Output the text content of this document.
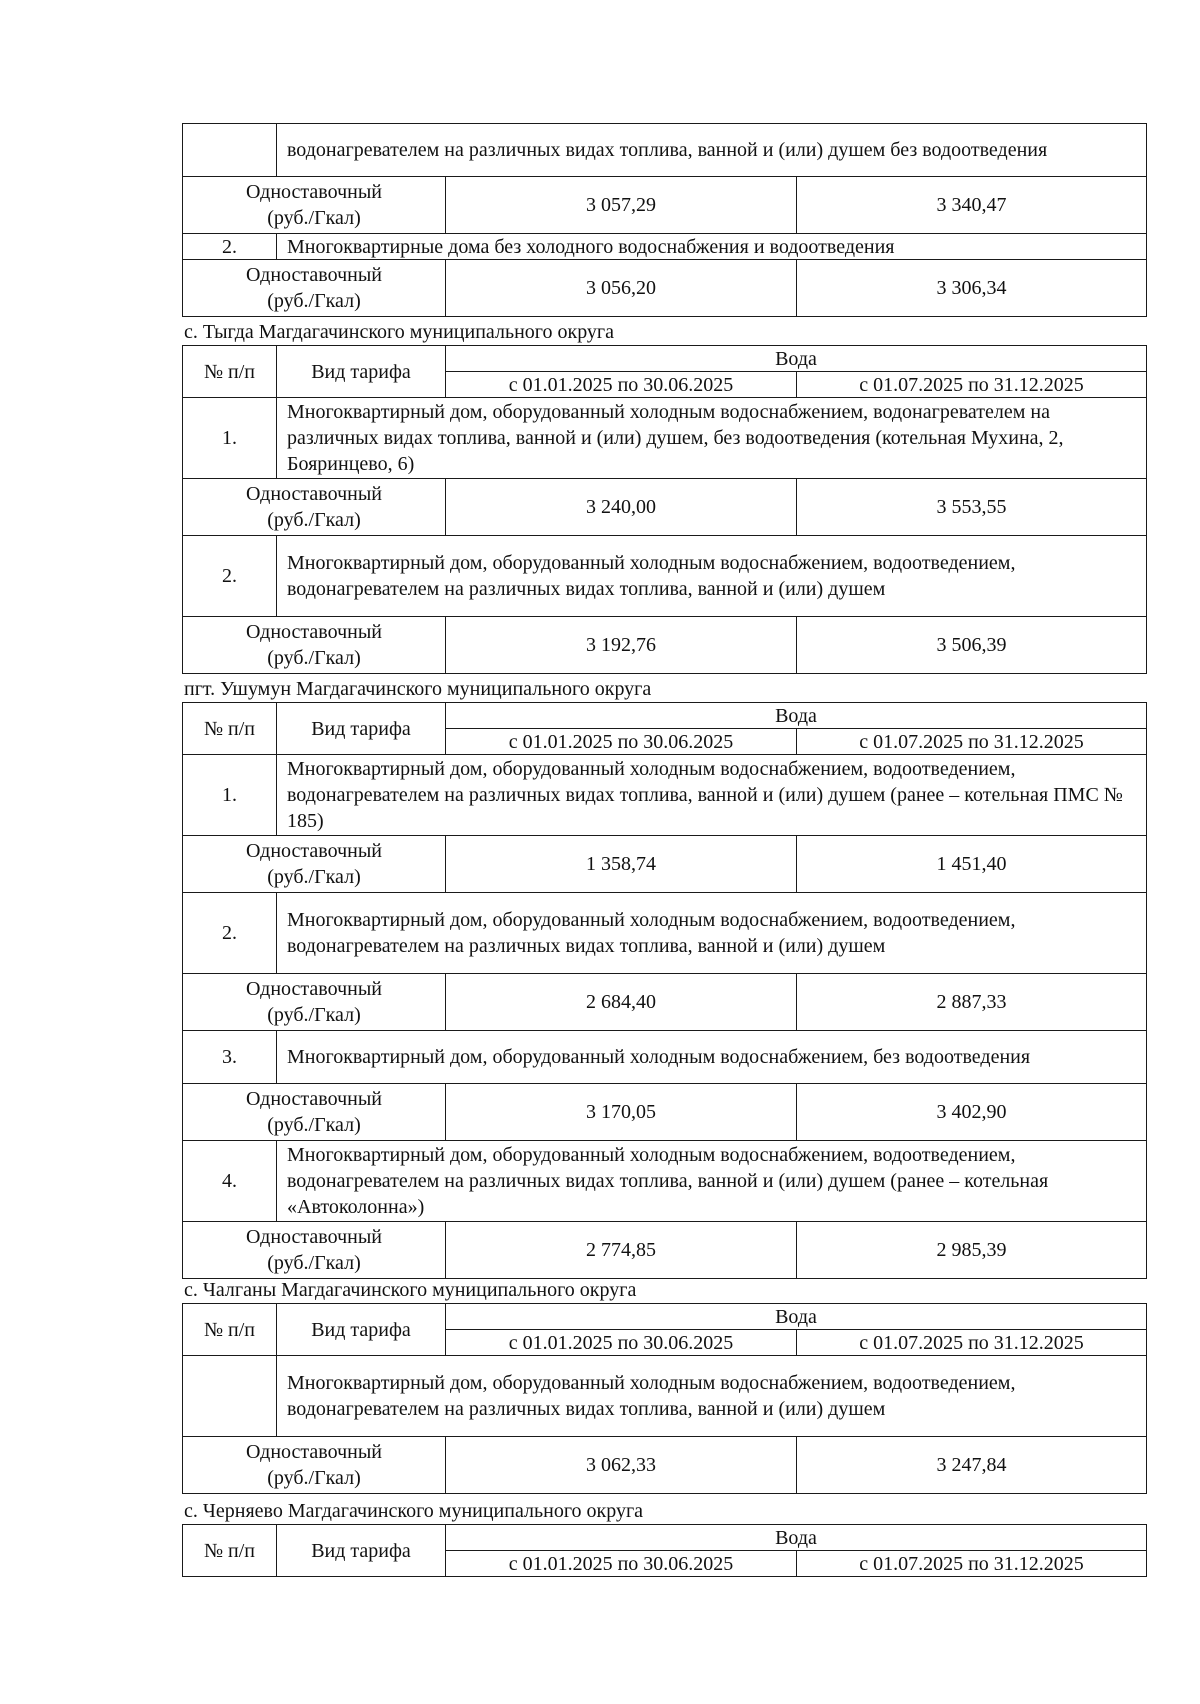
	водонагревателем на различных видах топлива, ванной и (или) душем без водоотведения		
Одноставочный
(руб./Гкал)		3 057,29	3 340,47
2.	Многоквартирные дома без холодного водоснабжения и водоотведения		
Одноставочный
(руб./Гкал)		3 056,20	3 306,34
с. Тыгда Магдагачинского муниципального округа
№ п/п	Вид тарифа	Вода	
		с 01.01.2025 по 30.06.2025	с 01.07.2025 по 31.12.2025
1.	Многоквартирный дом, оборудованный холодным водоснабжением, водонагревателем на различных видах топлива, ванной и (или) душем, без водоотведения (котельная Мухина, 2, Бояринцево, 6)		
Одноставочный
(руб./Гкал)		3 240,00	3 553,55
2.	Многоквартирный дом, оборудованный холодным водоснабжением, водоотведением, водонагревателем на различных видах топлива, ванной и (или) душем		
Одноставочный
(руб./Гкал)		3 192,76	3 506,39
пгт. Ушумун Магдагачинского муниципального округа
№ п/п	Вид тарифа	Вода	
		с 01.01.2025 по 30.06.2025	с 01.07.2025 по 31.12.2025
1.	Многоквартирный дом, оборудованный холодным водоснабжением, водоотведением, водонагревателем на различных видах топлива, ванной и (или) душем (ранее – котельная ПМС № 185)		
Одноставочный
(руб./Гкал)		1 358,74	1 451,40
2.	Многоквартирный дом, оборудованный холодным водоснабжением, водоотведением, водонагревателем на различных видах топлива, ванной и (или) душем		
Одноставочный
(руб./Гкал)		2 684,40	2 887,33
3.	Многоквартирный дом, оборудованный холодным водоснабжением, без водоотведения		
Одноставочный
(руб./Гкал)		3 170,05	3 402,90
4.	Многоквартирный дом, оборудованный холодным водоснабжением, водоотведением, водонагревателем на различных видах топлива, ванной и (или) душем (ранее – котельная «Автоколонна»)		
Одноставочный
(руб./Гкал)		2 774,85	2 985,39
с. Чалганы Магдагачинского муниципального округа
№ п/п	Вид тарифа	Вода	
		с 01.01.2025 по 30.06.2025	с 01.07.2025 по 31.12.2025
	Многоквартирный дом, оборудованный холодным водоснабжением, водоотведением, водонагревателем на различных видах топлива, ванной и (или) душем		
Одноставочный
(руб./Гкал)		3 062,33	3 247,84
с. Черняево Магдагачинского муниципального округа
№ п/п	Вид тарифа	Вода	
		с 01.01.2025 по 30.06.2025	с 01.07.2025 по 31.12.2025
